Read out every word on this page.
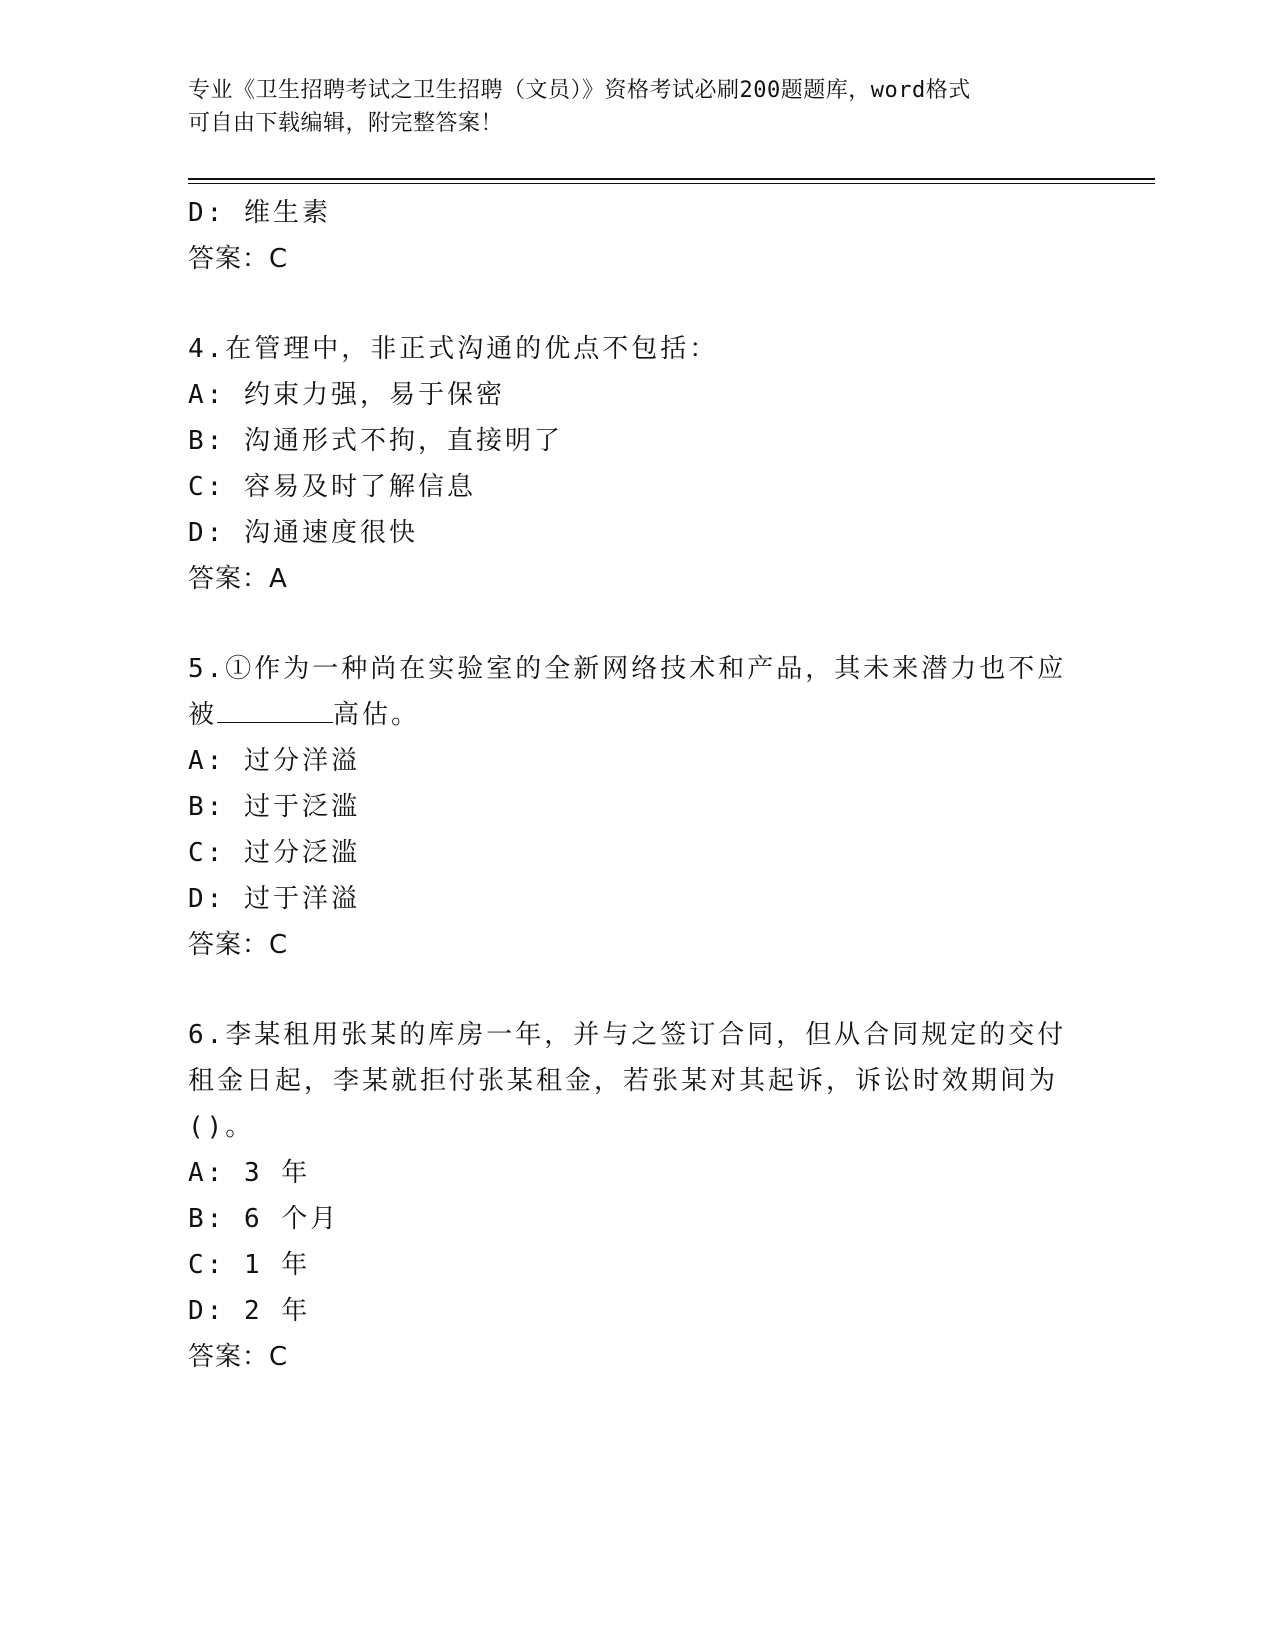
专业《卫生招聘考试之卫生招聘（文员）》资格考试必刷200题题库，word格式
可自由下载编辑，附完整答案！
D: 维生素
答案：C
4.在管理中，非正式沟通的优点不包括：
A: 约束力强，易于保密
B: 沟通形式不拘，直接明了
C: 容易及时了解信息
D: 沟通速度很快
答案：A
5.①作为一种尚在实验室的全新网络技术和产品，其未来潜力也不应
被	高估。
A: 过分洋溢
B: 过于泛滥
C: 过分泛滥
D: 过于洋溢
答案：C
6.李某租用张某的库房一年，并与之签订合同，但从合同规定的交付
租金日起，李某就拒付张某租金，若张某对其起诉，诉讼时效期间为
()。
A: 3 年
B: 6 个月
C: 1 年
D: 2 年
答案：C
